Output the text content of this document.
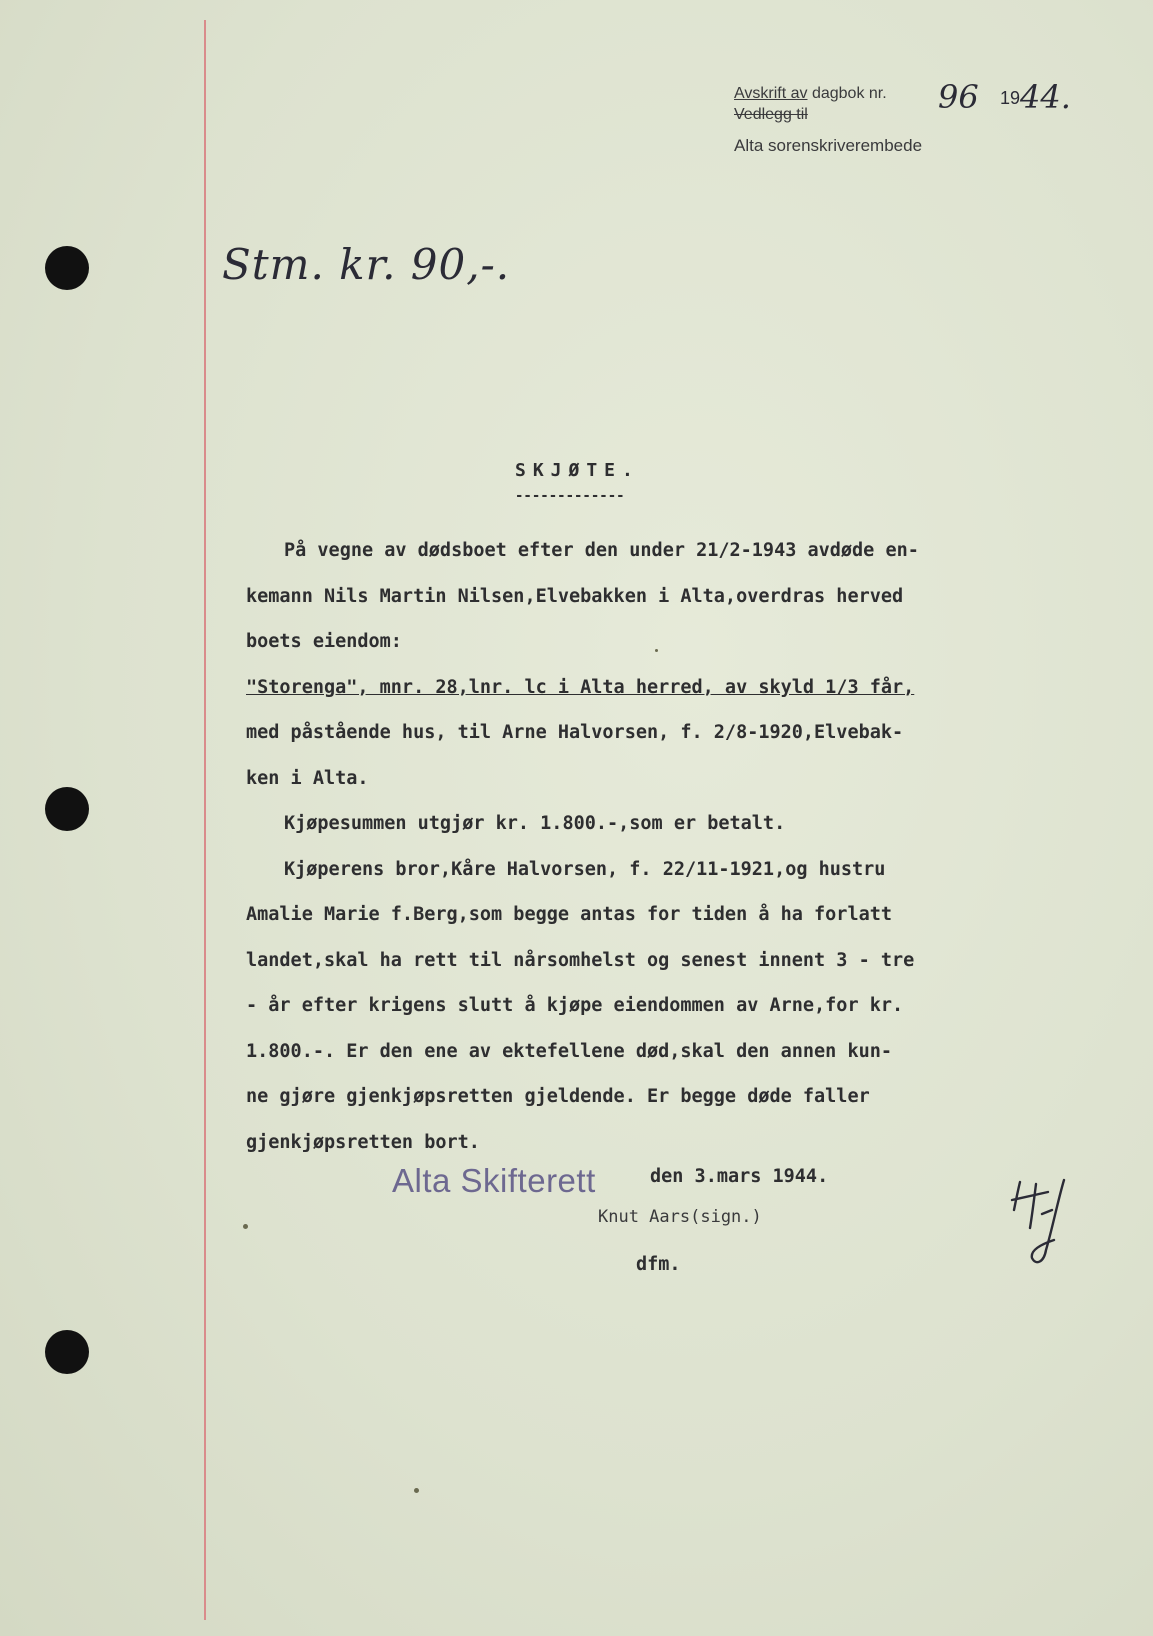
Avskrift av dagbok nr.
Vedlegg til
Alta sorenskriverembede
96 19 44.
Stm. kr. 90,-.
SKJØTE.
-------------
På vegne av dødsboet efter den under 21/2-1943 avdøde en-
kemann Nils Martin Nilsen,Elvebakken i Alta,overdras herved
boets eiendom:
"Storenga", mnr. 28,lnr. lc i Alta herred, av skyld 1/3 får,
med påstående hus, til Arne Halvorsen, f. 2/8-1920,Elvebak-
ken i Alta.
Kjøpesummen utgjør kr. 1.800.-,som er betalt.
Kjøperens bror,Kåre Halvorsen, f. 22/11-1921,og hustru
Amalie Marie f.Berg,som begge antas for tiden å ha forlatt
landet,skal ha rett til nårsomhelst og senest innent 3 - tre
- år efter krigens slutt å kjøpe eiendommen av Arne,for kr.
1.800.-. Er den ene av ektefellene død,skal den annen kun-
ne gjøre gjenkjøpsretten gjeldende. Er begge døde faller
gjenkjøpsretten bort.
Alta Skifterett	den 3.mars 1944.
Knut Aars(sign.)
dfm.
